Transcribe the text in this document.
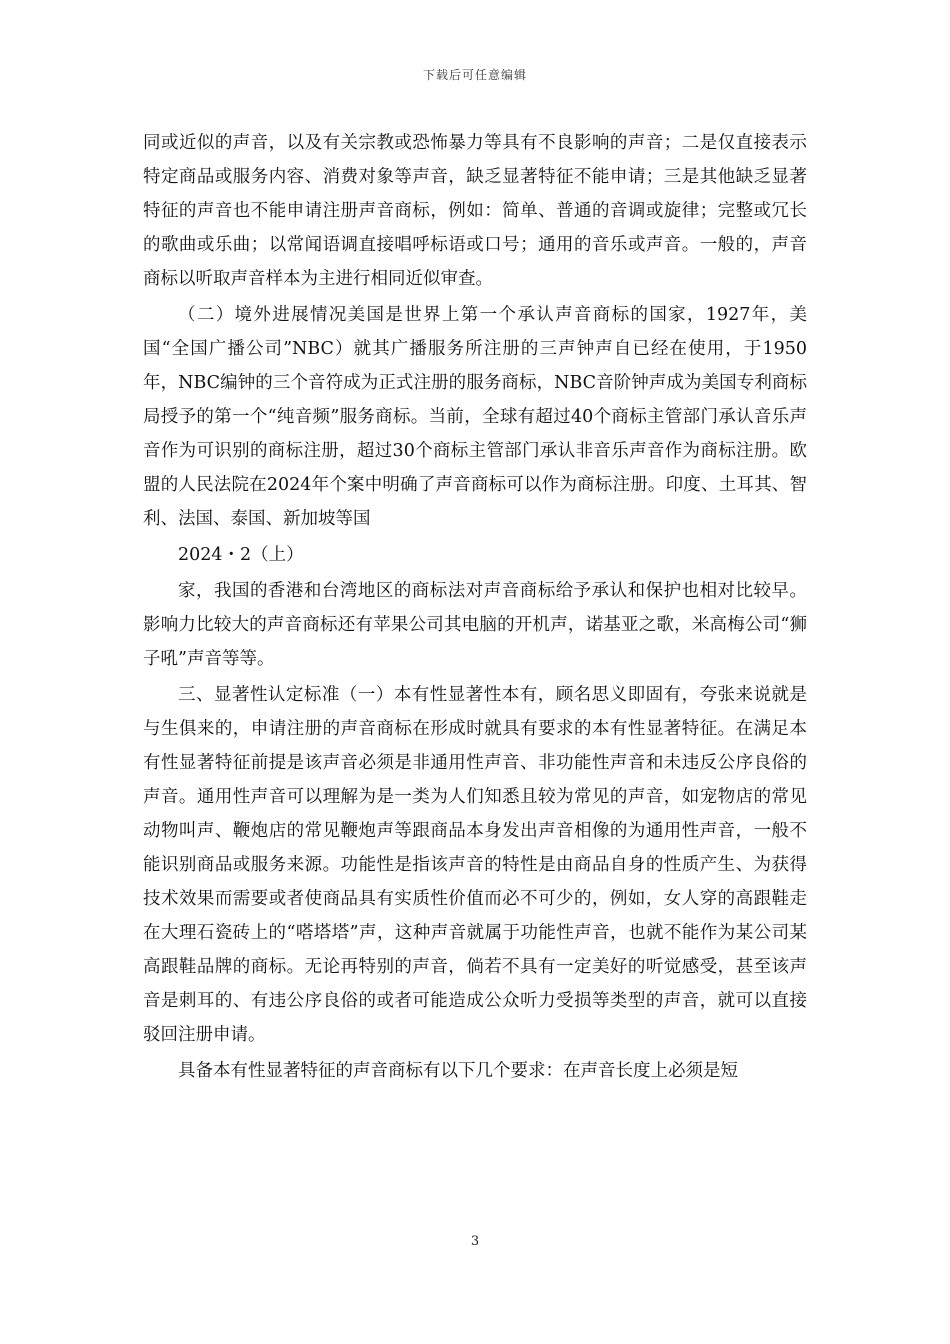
下载后可任意编辑

同或近似的声音，以及有关宗教或恐怖暴力等具有不良影响的声音；二是仅直接表示特定商品或服务内容、消费对象等声音，缺乏显著特征不能申请；三是其他缺乏显著特征的声音也不能申请注册声音商标，例如：简单、普通的音调或旋律；完整或冗长的歌曲或乐曲；以常闻语调直接唱呼标语或口号；通用的音乐或声音。一般的，声音商标以听取声音样本为主进行相同近似审查。

（二）境外进展情况美国是世界上第一个承认声音商标的国家，1927年，美国“全国广播公司”NBC）就其广播服务所注册的三声钟声自已经在使用，于1950年，NBC编钟的三个音符成为正式注册的服务商标，NBC音阶钟声成为美国专利商标局授予的第一个“纯音频”服务商标。当前，全球有超过40个商标主管部门承认音乐声音作为可识别的商标注册，超过30个商标主管部门承认非音乐声音作为商标注册。欧盟的人民法院在2024年个案中明确了声音商标可以作为商标注册。印度、土耳其、智利、法国、泰国、新加坡等国

2024・2（上）

家，我国的香港和台湾地区的商标法对声音商标给予承认和保护也相对比较早。影响力比较大的声音商标还有苹果公司其电脑的开机声，诺基亚之歌，米高梅公司“狮子吼”声音等等。

三、显著性认定标准（一）本有性显著性本有，顾名思义即固有，夸张来说就是与生俱来的，申请注册的声音商标在形成时就具有要求的本有性显著特征。在满足本有性显著特征前提是该声音必须是非通用性声音、非功能性声音和未违反公序良俗的声音。通用性声音可以理解为是一类为人们知悉且较为常见的声音，如宠物店的常见动物叫声、鞭炮店的常见鞭炮声等跟商品本身发出声音相像的为通用性声音，一般不能识别商品或服务来源。功能性是指该声音的特性是由商品自身的性质产生、为获得技术效果而需要或者使商品具有实质性价值而必不可少的，例如，女人穿的高跟鞋走在大理石瓷砖上的“嗒塔塔”声，这种声音就属于功能性声音，也就不能作为某公司某高跟鞋品牌的商标。无论再特别的声音，倘若不具有一定美好的听觉感受，甚至该声音是刺耳的、有违公序良俗的或者可能造成公众听力受损等类型的声音，就可以直接驳回注册申请。

具备本有性显著特征的声音商标有以下几个要求：在声音长度上必须是短

3
